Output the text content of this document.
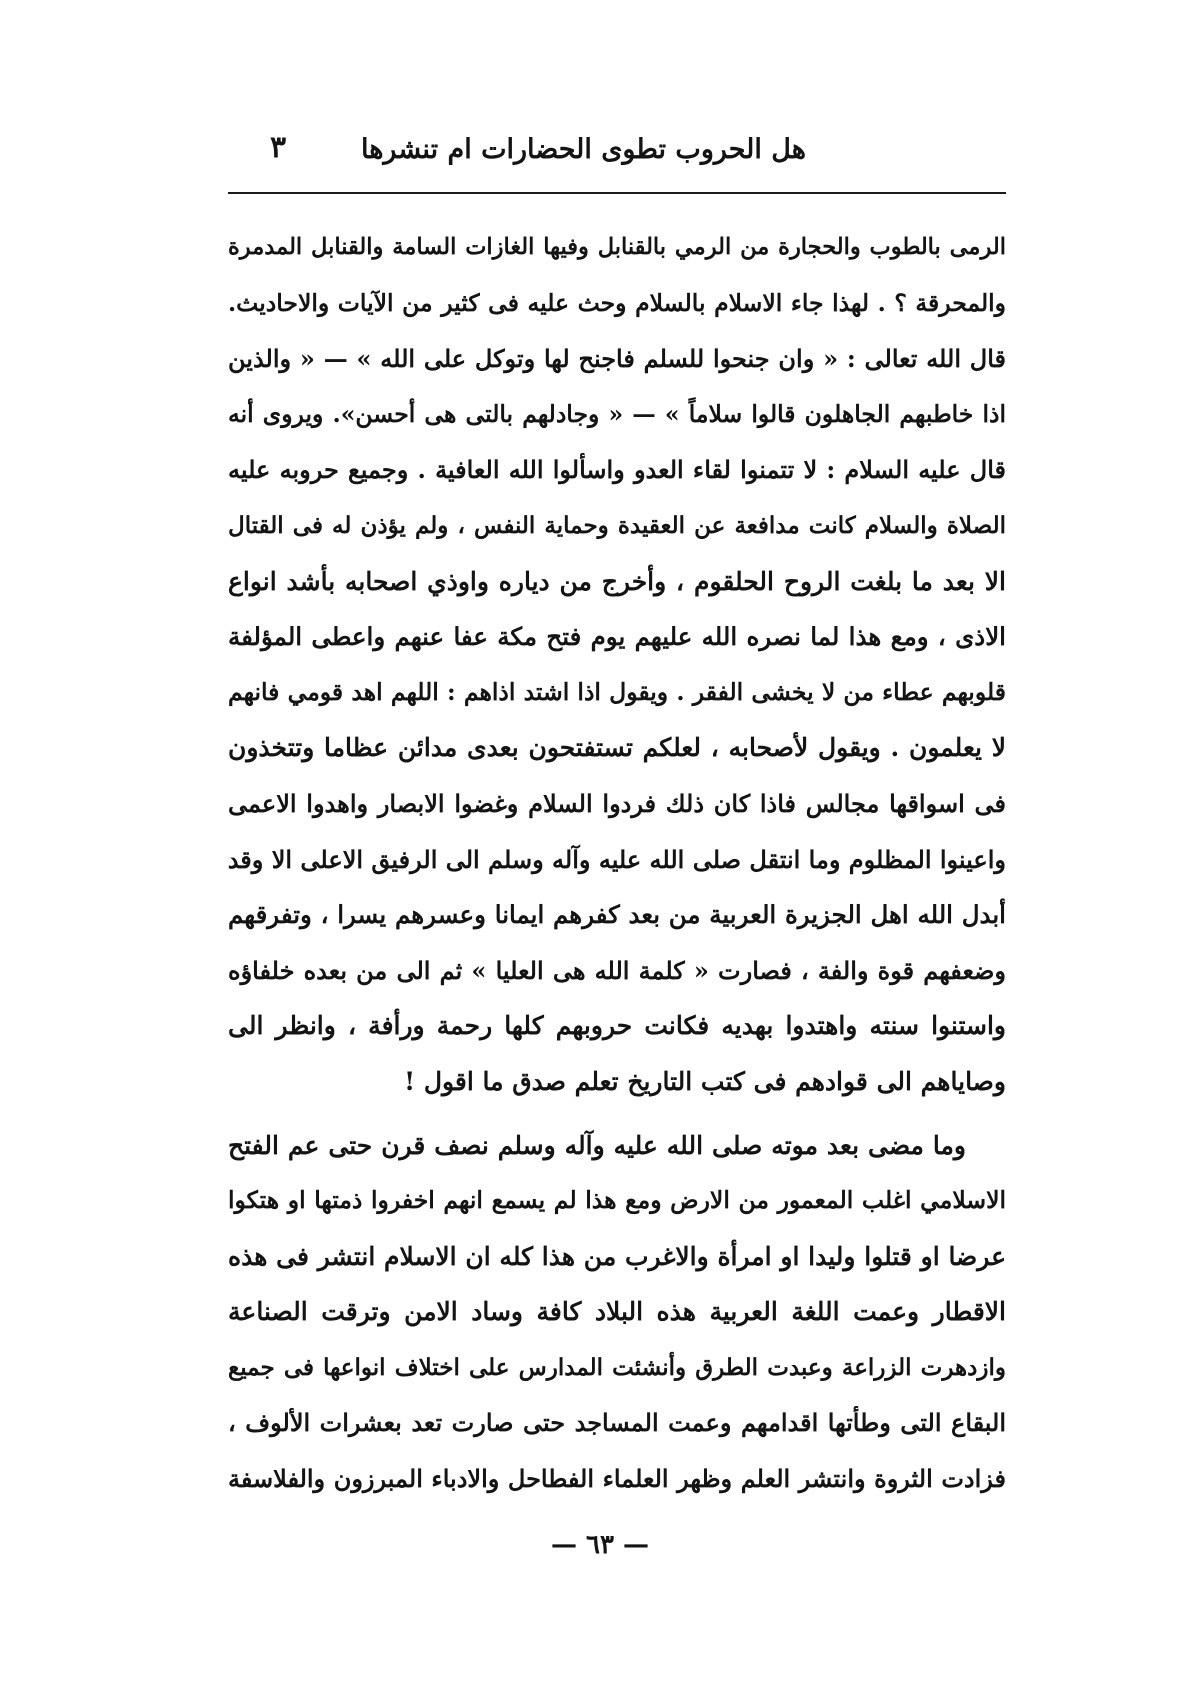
هل الحروب تطوى الحضارات ام تنشرها
٣
الرمى بالطوب والحجارة من الرمي بالقنابل وفيها الغازات السامة والقنابل المدمرة
والمحرقة ؟ . لهذا جاء الاسلام بالسلام وحث عليه فى كثير من الآيات والاحاديث.
قال الله تعالى : « وان جنحوا للسلم فاجنح لها وتوكل على الله » — « والذين
اذا خاطبهم الجاهلون قالوا سلاماً » — « وجادلهم بالتى هى أحسن». ويروى أنه
قال عليه السلام : لا تتمنوا لقاء العدو واسألوا الله العافية . وجميع حروبه عليه
الصلاة والسلام كانت مدافعة عن العقيدة وحماية النفس ، ولم يؤذن له فى القتال
الا بعد ما بلغت الروح الحلقوم ، وأخرج من دياره واوذي اصحابه بأشد انواع
الاذى ، ومع هذا لما نصره الله عليهم يوم فتح مكة عفا عنهم واعطى المؤلفة
قلوبهم عطاء من لا يخشى الفقر . ويقول اذا اشتد اذاهم : اللهم اهد قومي فانهم
لا يعلمون . ويقول لأصحابه ، لعلكم تستفتحون بعدى مدائن عظاما وتتخذون
فى اسواقها مجالس فاذا كان ذلك فردوا السلام وغضوا الابصار واهدوا الاعمى
واعينوا المظلوم وما انتقل صلى الله عليه وآله وسلم الى الرفيق الاعلى الا وقد
أبدل الله اهل الجزيرة العربية من بعد كفرهم ايمانا وعسرهم يسرا ، وتفرقهم
وضعفهم قوة والفة ، فصارت « كلمة الله هى العليا » ثم الى من بعده خلفاؤه
واستنوا سنته واهتدوا بهديه فكانت حروبهم كلها رحمة ورأفة ، وانظر الى
وصاياهم الى قوادهم فى كتب التاريخ تعلم صدق ما اقول !
وما مضى بعد موته صلى الله عليه وآله وسلم نصف قرن حتى عم الفتح
الاسلامي اغلب المعمور من الارض ومع هذا لم يسمع انهم اخفروا ذمتها او هتكوا
عرضا او قتلوا وليدا او امرأة والاغرب من هذا كله ان الاسلام انتشر فى هذه
الاقطار وعمت اللغة العربية هذه البلاد كافة وساد الامن وترقت الصناعة
وازدهرت الزراعة وعبدت الطرق وأنشئت المدارس على اختلاف انواعها فى جميع
البقاع التى وطأتها اقدامهم وعمت المساجد حتى صارت تعد بعشرات الألوف ،
فزادت الثروة وانتشر العلم وظهر العلماء الفطاحل والادباء المبرزون والفلاسفة
— ٦٣ —
